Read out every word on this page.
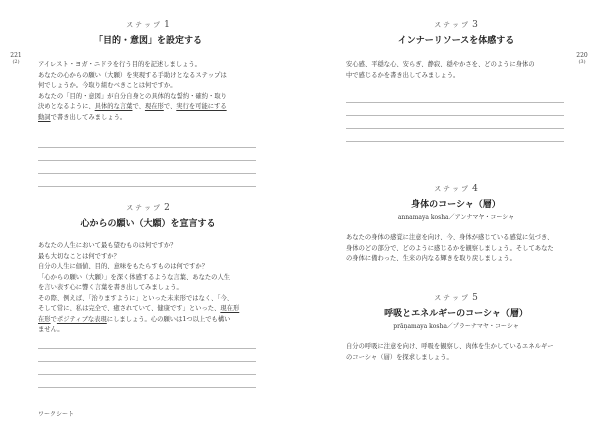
221
(2)
ステップ 1
「目的・意図」を設定する

アイレスト・ヨガ・ニドラを行う目的を記述しましょう。

あなたの心からの願い（大願）を実現する手助けとなるステップは

何でしょうか。今取り組むべきことは何ですか。

あなたの「目的・意図」が自分自身との具体的な誓約・確約・取り

決めとなるように、具体的な言葉で、現在形で、実行を可能にする

動詞で書き出してみましょう。

ステップ 2
心からの願い（大願）を宣言する

あなたの人生において最も望むものは何ですか？

最も大切なことは何ですか？

自分の人生に価値、目的、意味をもたらすものは何ですか？

「心からの願い（大願）」を深く体感するような言葉、あなたの人生

を言い表す心に響く言葉を書き出してみましょう。

その際、例えば、「治りますように」といった未来形ではなく、「今、

そして常に、私は完全で、癒されていて、健康です」といった、現在形

在形でポジティブな表現にしましょう。心の願いは1つ以上でも構い

ません。

ワークシート
220
(3)
ステップ 3
インナーリソースを体感する

安心感、平穏な心、安らぎ、静寂、穏やかさを、どのように身体の

中で感じるかを書き出してみましょう。

ステップ 4
身体のコーシャ（層）
annamaya kosha／アンナマヤ・コーシャ

あなたの身体の感覚に注意を向け、今、身体が感じている感覚に気づき、

身体のどの部分で、どのように感じるかを観察しましょう。そしてあなた

の身体に備わった、生来の内なる輝きを取り戻しましょう。

ステップ 5
呼吸とエネルギーのコーシャ（層）
prāṇamaya kosha／プラーナマヤ・コーシャ

自分の呼吸に注意を向け、呼吸を観察し、肉体を生かしているエネルギー

のコーシャ（層）を探求しましょう。
